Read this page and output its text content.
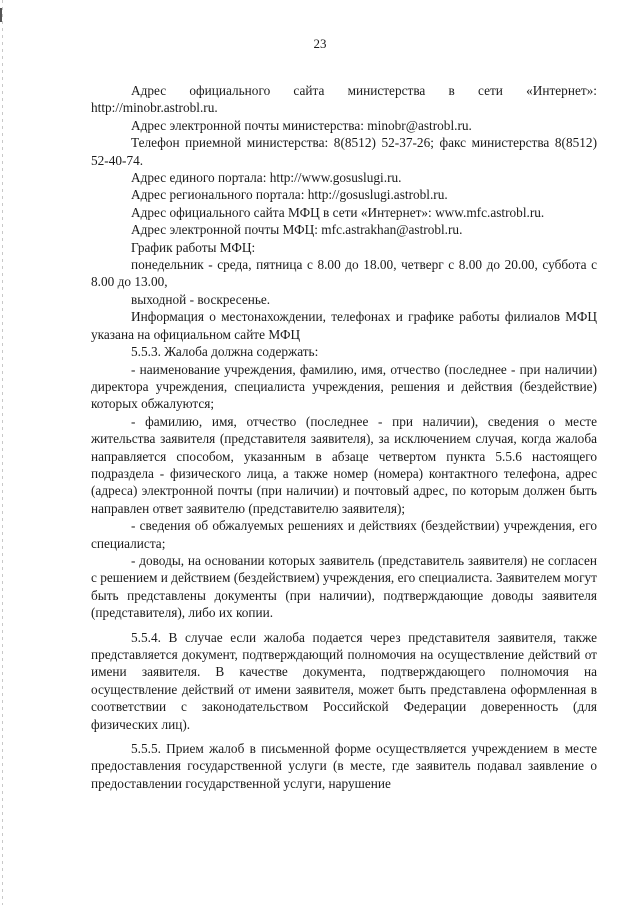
23

Адрес официального сайта министерства в сети «Интернет»: http://minobr.astrobl.ru.

Адрес электронной почты министерства: minobr@astrobl.ru.

Телефон приемной министерства: 8(8512) 52-37-26; факс министерства 8(8512) 52-40-74.

Адрес единого портала: http://www.gosuslugi.ru.

Адрес регионального портала: http://gosuslugi.astrobl.ru.

Адрес официального сайта МФЦ в сети «Интернет»: www.mfc.astrobl.ru.

Адрес электронной почты МФЦ: mfc.astrakhan@astrobl.ru.

График работы МФЦ:

понедельник - среда, пятница с 8.00 до 18.00, четверг с 8.00 до 20.00, суббота с 8.00 до 13.00,

выходной - воскресенье.

Информация о местонахождении, телефонах и графике работы филиалов МФЦ указана на официальном сайте МФЦ

5.5.3. Жалоба должна содержать:

- наименование учреждения, фамилию, имя, отчество (последнее - при наличии) директора учреждения, специалиста учреждения, решения и действия (бездействие) которых обжалуются;

- фамилию, имя, отчество (последнее - при наличии), сведения о месте жительства заявителя (представителя заявителя), за исключением случая, когда жалоба направляется способом, указанным в абзаце четвертом пункта 5.5.6 настоящего подраздела - физического лица, а также номер (номера) контактного телефона, адрес (адреса) электронной почты (при наличии) и почтовый адрес, по которым должен быть направлен ответ заявителю (представителю заявителя);

- сведения об обжалуемых решениях и действиях (бездействии) учреждения, его специалиста;

- доводы, на основании которых заявитель (представитель заявителя) не согласен с решением и действием (бездействием) учреждения, его специалиста. Заявителем могут быть представлены документы (при наличии), подтверждающие доводы заявителя (представителя), либо их копии.

5.5.4. В случае если жалоба подается через представителя заявителя, также представляется документ, подтверждающий полномочия на осуществление действий от имени заявителя. В качестве документа, подтверждающего полномочия на осуществление действий от имени заявителя, может быть представлена оформленная в соответствии с законодательством Российской Федерации доверенность (для физических лиц).

5.5.5. Прием жалоб в письменной форме осуществляется учреждением в месте предоставления государственной услуги (в месте, где заявитель подавал заявление о предоставлении государственной услуги, нарушение
